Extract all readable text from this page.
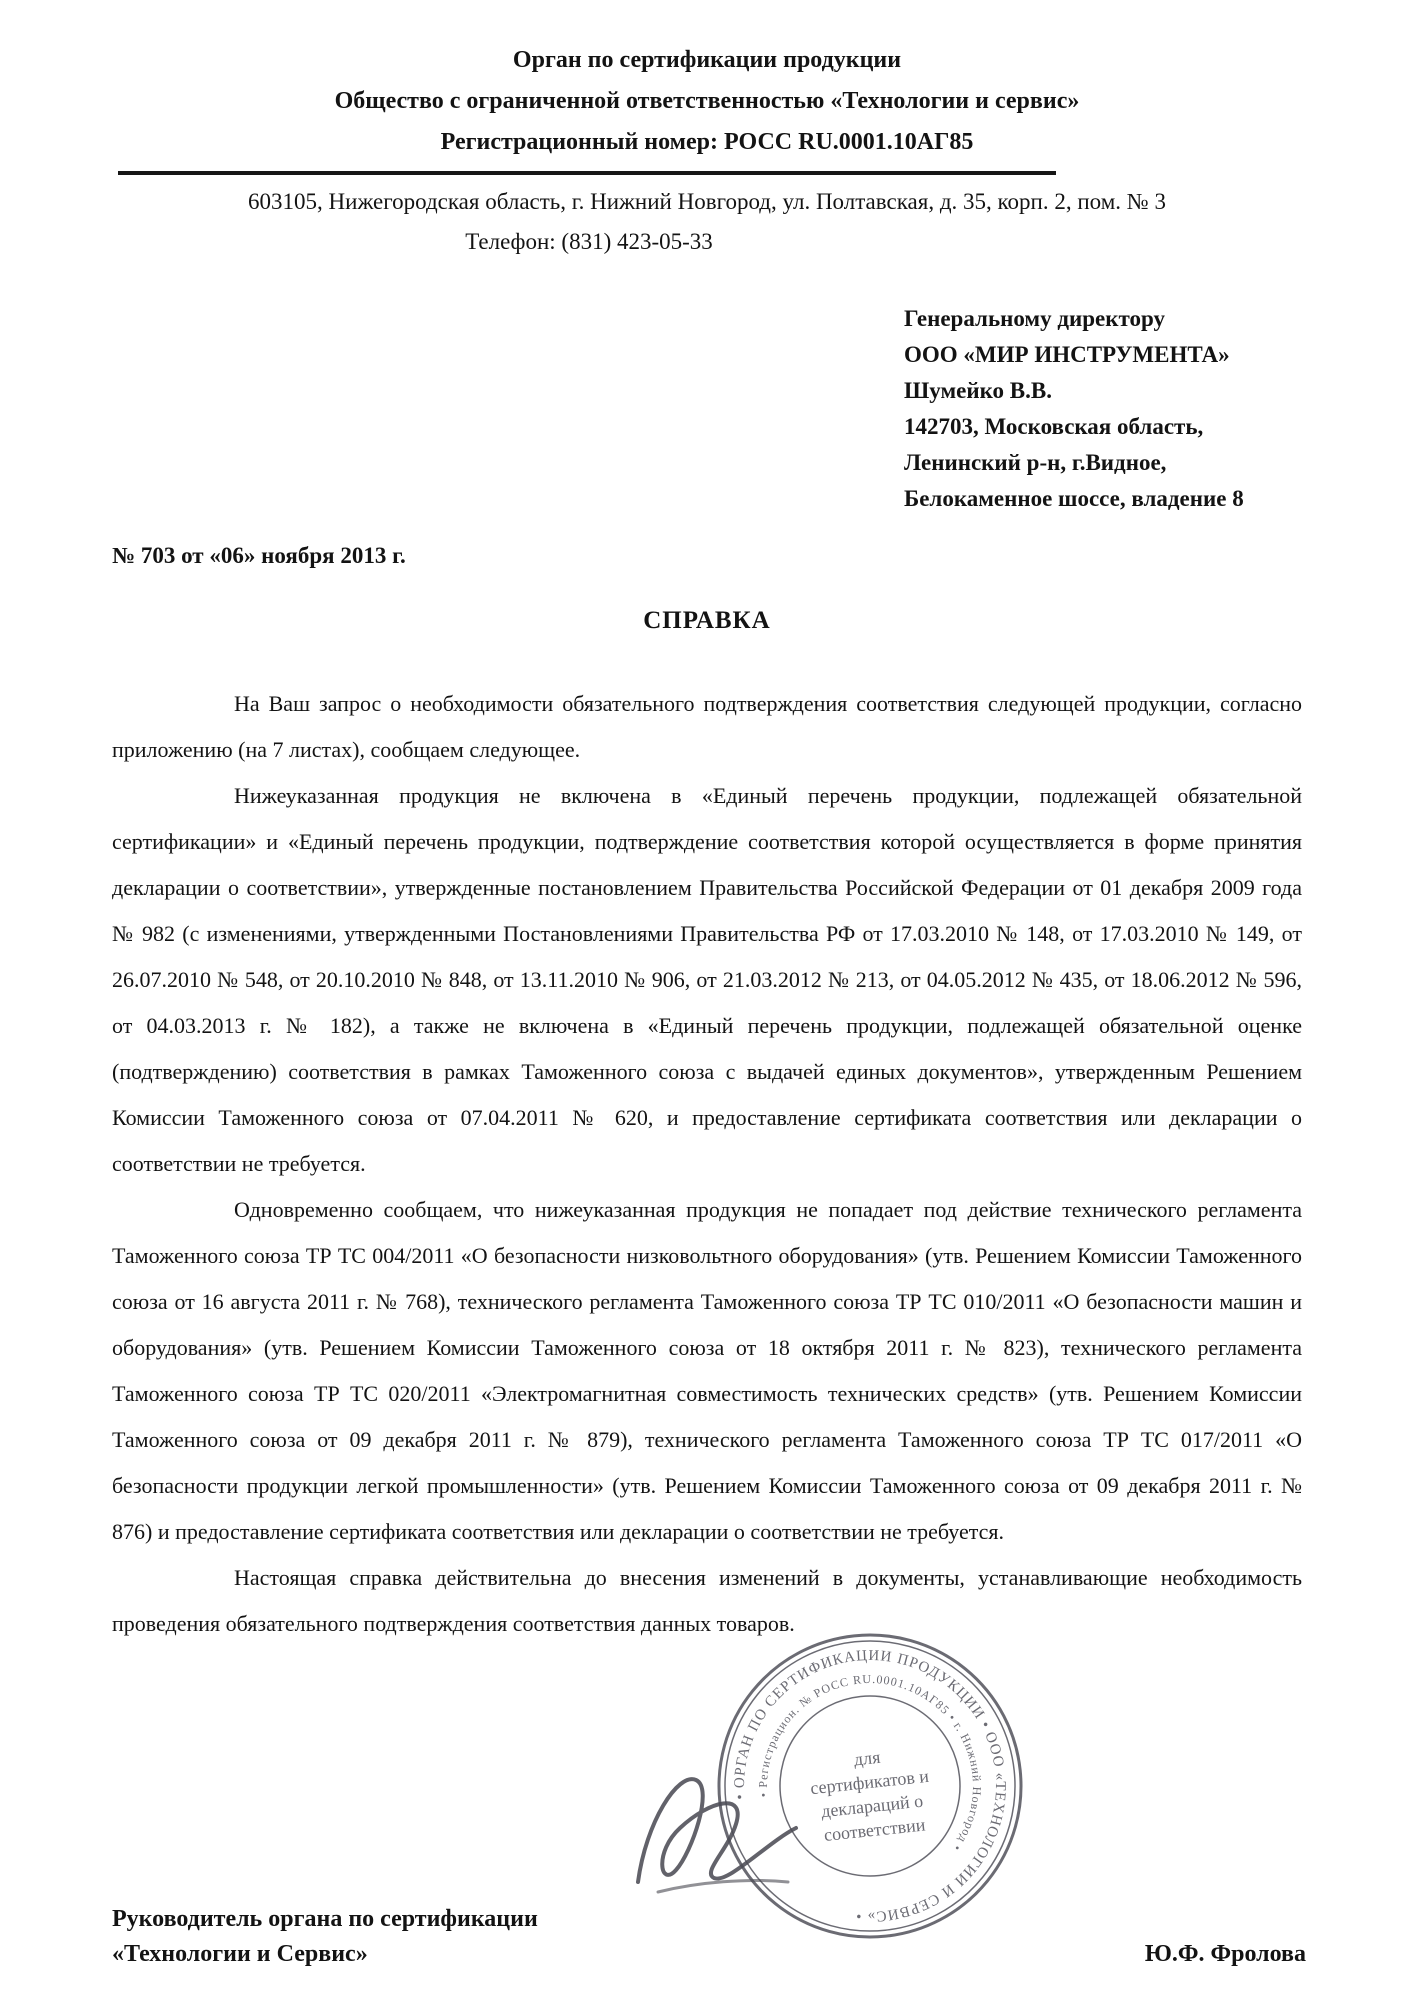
Орган по сертификации продукции
Общество с ограниченной ответственностью «Технологии и сервис»
Регистрационный номер: РОСС RU.0001.10АГ85
603105, Нижегородская область, г. Нижний Новгород, ул. Полтавская, д. 35, корп. 2, пом. № 3
Телефон: (831) 423-05-33
Генеральному директору
ООО «МИР ИНСТРУМЕНТА»
Шумейко В.В.
142703, Московская область,
Ленинский р-н, г.Видное,
Белокаменное шоссе, владение 8
№ 703 от «06» ноября 2013 г.
СПРАВКА

На Ваш запрос о необходимости обязательного подтверждения соответствия следующей продукции, согласно приложению (на 7 листах), сообщаем следующее.

Нижеуказанная продукция не включена в «Единый перечень продукции, подлежащей обязательной сертификации» и «Единый перечень продукции, подтверждение соответствия которой осуществляется в форме принятия декларации о соответствии», утвержденные постановлением Правительства Российской Федерации от 01 декабря 2009 года № 982 (с изменениями, утвержденными Постановлениями Правительства РФ от 17.03.2010 № 148, от 17.03.2010 № 149, от 26.07.2010 № 548, от 20.10.2010 № 848, от 13.11.2010 № 906, от 21.03.2012 № 213, от 04.05.2012 № 435, от 18.06.2012 № 596, от 04.03.2013 г. № 182), а также не включена в «Единый перечень продукции, подлежащей обязательной оценке (подтверждению) соответствия в рамках Таможенного союза с выдачей единых документов», утвержденным Решением Комиссии Таможенного союза от 07.04.2011 № 620, и предоставление сертификата соответствия или декларации о соответствии не требуется.

Одновременно сообщаем, что нижеуказанная продукция не попадает под действие технического регламента Таможенного союза ТР ТС 004/2011 «О безопасности низковольтного оборудования» (утв. Решением Комиссии Таможенного союза от 16 августа 2011 г. № 768), технического регламента Таможенного союза ТР ТС 010/2011 «О безопасности машин и оборудования» (утв. Решением Комиссии Таможенного союза от 18 октября 2011 г. № 823), технического регламента Таможенного союза ТР ТС 020/2011 «Электромагнитная совместимость технических средств» (утв. Решением Комиссии Таможенного союза от 09 декабря 2011 г. № 879), технического регламента Таможенного союза ТР ТС 017/2011 «О безопасности продукции легкой промышленности» (утв. Решением Комиссии Таможенного союза от 09 декабря 2011 г. № 876) и предоставление сертификата соответствия или декларации о соответствии не требуется.

Настоящая справка действительна до внесения изменений в документы, устанавливающие необходимость проведения обязательного подтверждения соответствия данных товаров.

Руководитель органа по сертификации
«Технологии и Сервис»	Ю.Ф. Фролова
• ОРГАН ПО СЕРТИФИКАЦИИ ПРОДУКЦИИ • ООО «ТЕХНОЛОГИИ И СЕРВИС» •
• Регистрацион. № РОСС RU.0001.10АГ85 • г. Нижний Новгород •
для
сертификатов и
деклараций о
соответствии
